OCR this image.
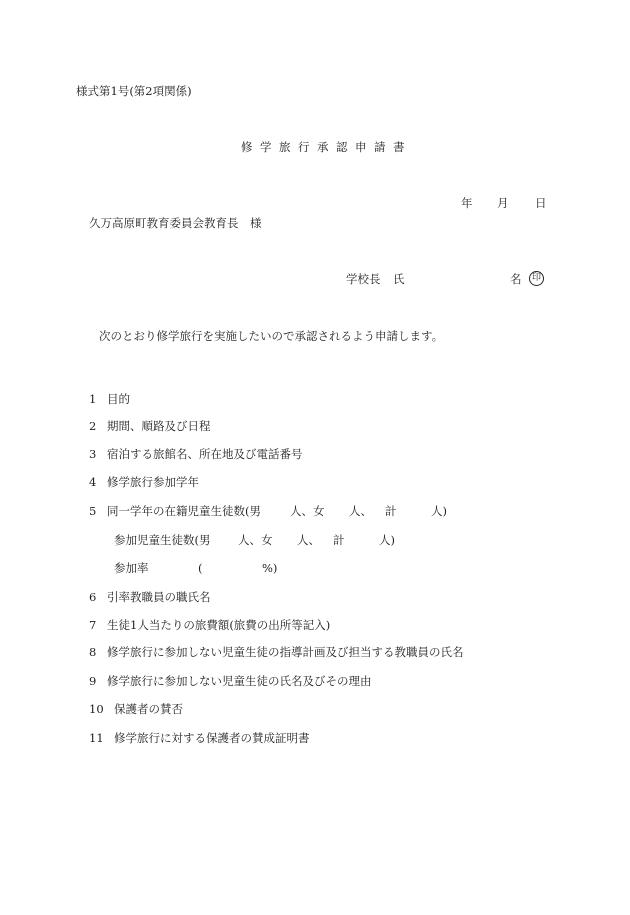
様式第1号(第2項関係)
修学旅行承認申請書
年 月 日
久万高原町教育委員会教育長　様
学校長 氏	名	印
次のとおり修学旅行を実施したいので承認されるよう申請します。
1 目的
2 期間、順路及び日程
3 宿泊する旅館名、所在地及び電話番号
4 修学旅行参加学年
5 同一学年の在籍児童生徒数(男	人、女 人、 計	人)
参加児童生徒数(男 人、女 人、 計	人)
参加率	(	%)
6 引率教職員の職氏名
7 生徒1人当たりの旅費額(旅費の出所等記入)
8 修学旅行に参加しない児童生徒の指導計画及び担当する教職員の氏名
9 修学旅行に参加しない児童生徒の氏名及びその理由
10 保護者の賛否
11 修学旅行に対する保護者の賛成証明書
